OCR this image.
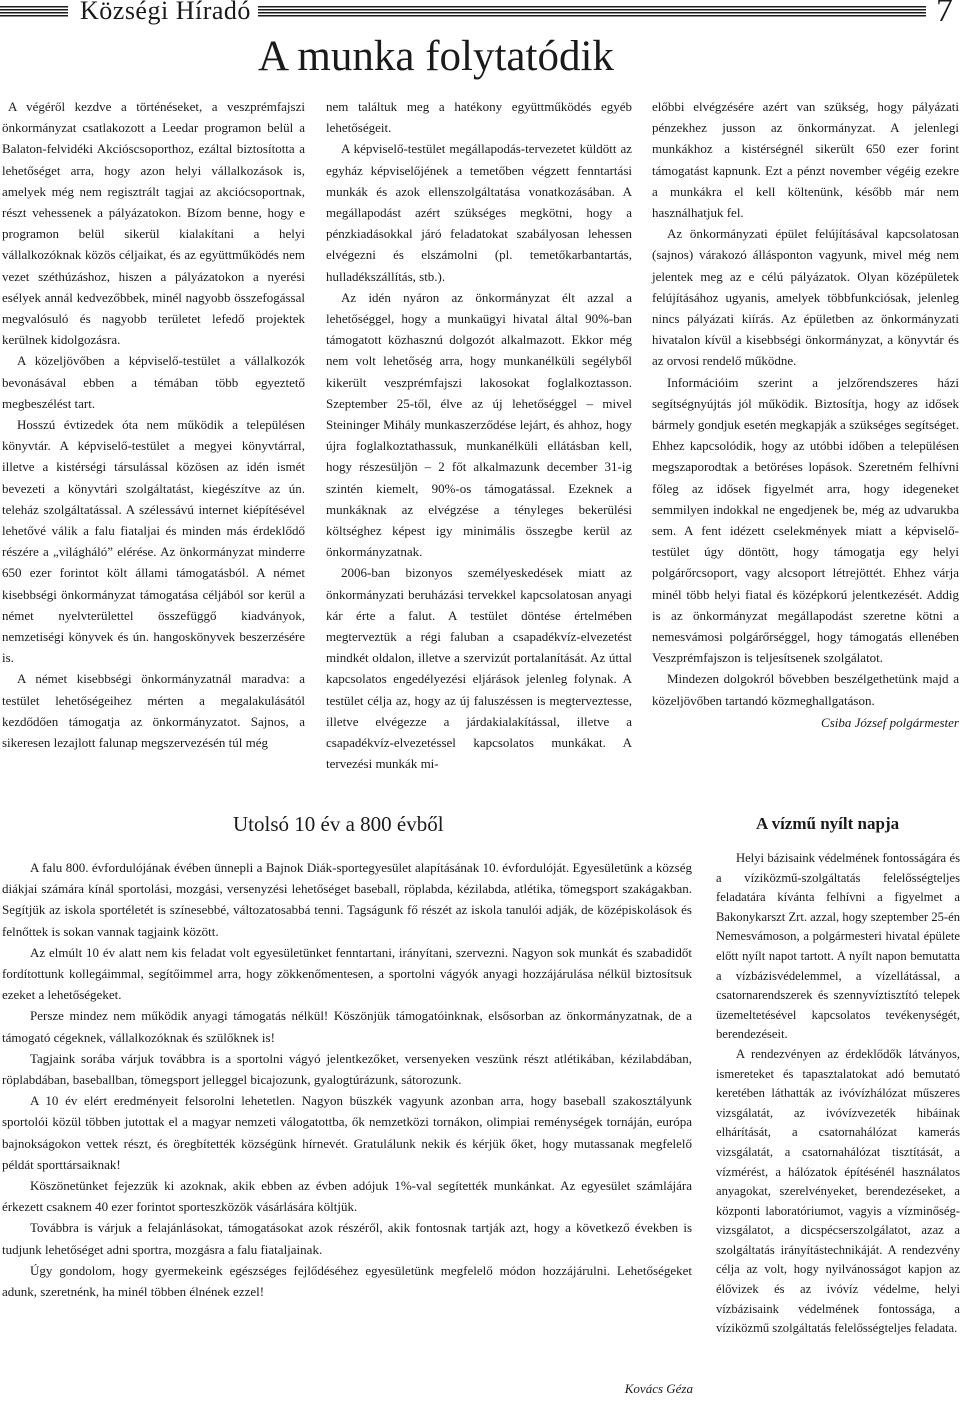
Községi Híradó	7
A munka folytatódik

A végéről kezdve a történéseket, a veszprémfajszi önkormányzat csatlakozott a Leedar programon belül a Balaton-felvidéki Akcióscsoporthoz, ezáltal biztosította a lehetőséget arra, hogy azon helyi vállalkozások is, amelyek még nem regisztrált tagjai az akciócsoportnak, részt vehessenek a pályázatokon. Bízom benne, hogy e programon belül sikerül kialakítani a helyi vállalkozóknak közös céljaikat, és az együttműködés nem vezet széthúzáshoz, hiszen a pályázatokon a nyerési esélyek annál kedvezőbbek, minél nagyobb összefogással megvalósuló és nagyobb területet lefedő projektek kerülnek kidolgozásra.

A közeljövőben a képviselő-testület a vállalkozók bevonásával ebben a témában több egyeztető megbeszélést tart.

Hosszú évtizedek óta nem működik a településen könyvtár. A képviselő-testület a megyei könyvtárral, illetve a kistérségi társulással közösen az idén ismét bevezeti a könyvtári szolgáltatást, kiegészítve az ún. teleház szolgáltatással. A szélessávú internet kiépítésével lehetővé válik a falu fiataljai és minden más érdeklődő részére a „világháló” elérése. Az önkormányzat minderre 650 ezer forintot költ állami támogatásból. A német kisebbségi önkormányzat támogatása céljából sor kerül a német nyelvterülettel összefüggő kiadványok, nemzetiségi könyvek és ún. hangoskönyvek beszerzésére is.

A német kisebbségi önkormányzatnál maradva: a testület lehetőségeihez mérten a megalakulásától kezdődően támogatja az önkormányzatot. Sajnos, a sikeresen lezajlott falunap megszervezésén túl még

nem találtuk meg a hatékony együttműködés egyéb lehetőségeit.

A képviselő-testület megállapodás-tervezetet küldött az egyház képviselőjének a temetőben végzett fenntartási munkák és azok ellenszolgáltatása vonatkozásában. A megállapodást azért szükséges megkötni, hogy a pénzkiadásokkal járó feladatokat szabályosan lehessen elvégezni és elszámolni (pl. temetőkarbantartás, hulladékszállítás, stb.).

Az idén nyáron az önkormányzat élt azzal a lehetőséggel, hogy a munkaügyi hivatal által 90%-ban támogatott közhasznú dolgozót alkalmazott. Ekkor még nem volt lehetőség arra, hogy munkanélküli segélyből kikerült veszprémfajszi lakosokat foglalkoztasson. Szeptember 25-től, élve az új lehetőséggel – mivel Steininger Mihály munkaszerződése lejárt, és ahhoz, hogy újra foglalkoztathassuk, munkanélküli ellátásban kell, hogy részesüljön – 2 főt alkalmazunk december 31-ig szintén kiemelt, 90%-os támogatással. Ezeknek a munkáknak az elvégzése a tényleges bekerülési költséghez képest igy minimális összegbe kerül az önkormányzatnak.

2006-ban bizonyos személyeskedések miatt az önkormányzati beruházási tervekkel kapcsolatosan anyagi kár érte a falut. A testület döntése értelmében megterveztük a régi faluban a csapadékvíz-elvezetést mindkét oldalon, illetve a szervizút portalanítását. Az úttal kapcsolatos engedélyezési eljárások jelenleg folynak. A testület célja az, hogy az új faluszéssen is megterveztesse, illetve elvégezze a járdakialakítással, illetve a csapadékvíz-elvezetéssel kapcsolatos munkákat. A tervezési munkák mi-

előbbi elvégzésére azért van szükség, hogy pályázati pénzekhez jusson az önkormányzat. A jelenlegi munkákhoz a kistérségnél sikerült 650 ezer forint támogatást kapnunk. Ezt a pénzt november végéig ezekre a munkákra el kell költenünk, később már nem használhatjuk fel.

Az önkormányzati épület felújításával kapcsolatosan (sajnos) várakozó állásponton vagyunk, mivel még nem jelentek meg az e célú pályázatok. Olyan középületek felújításához ugyanis, amelyek többfunkciósak, jelenleg nincs pályázati kiírás. Az épületben az önkormányzati hivatalon kívül a kisebbségi önkormányzat, a könyvtár és az orvosi rendelő működne.

Információim szerint a jelzőrendszeres házi segítségnyújtás jól működik. Biztosítja, hogy az idősek bármely gondjuk esetén megkapják a szükséges segítséget. Ehhez kapcsolódik, hogy az utóbbi időben a településen megszaporodtak a betöréses lopások. Szeretném felhívni főleg az idősek figyelmét arra, hogy idegeneket semmilyen indokkal ne engedjenek be, még az udvarukba sem. A fent idézett cselekmények miatt a képviselő-testület úgy döntött, hogy támogatja egy helyi polgárőrcsoport, vagy alcsoport létrejöttét. Ehhez várja minél több helyi fiatal és középkorú jelentkezését. Addig is az önkormányzat megállapodást szeretne kötni a nemesvámosi polgárőrséggel, hogy támogatás ellenében Veszprémfajszon is teljesítsenek szolgálatot.

Mindezen dolgokról bővebben beszélgethetünk majd a közeljövőben tartandó közmeghallgatáson.

Csiba József polgármester
Utolsó 10 év a 800 évből	A vízmű nyílt napja

A falu 800. évfordulójának évében ünnepli a Bajnok Diák-sportegyesület alapításának 10. évfordulóját. Egyesületünk a község diákjai számára kínál sportolási, mozgási, versenyzési lehetőséget baseball, röplabda, kézilabda, atlétika, tömegsport szakágakban. Segítjük az iskola sportéletét is színesebbé, változatosabbá tenni. Tagságunk fő részét az iskola tanulói adják, de középiskolások és felnőttek is sokan vannak tagjaink között.

Az elmúlt 10 év alatt nem kis feladat volt egyesületünket fenntartani, irányítani, szervezni. Nagyon sok munkát és szabadidőt fordítottunk kollegáimmal, segítőimmel arra, hogy zökkenőmentesen, a sportolni vágyók anyagi hozzájárulása nélkül biztosítsuk ezeket a lehetőségeket.

Persze mindez nem működik anyagi támogatás nélkül! Köszönjük támogatóinknak, elsősorban az önkormányzatnak, de a támogató cégeknek, vállalkozóknak és szülőknek is!

Tagjaink sorába várjuk továbbra is a sportolni vágyó jelentkezőket, versenyeken veszünk részt atlétikában, kézilabdában, röplabdában, baseballban, tömegsport jelleggel bicajozunk, gyalogtúrázunk, sátorozunk.

A 10 év elért eredményeit felsorolni lehetetlen. Nagyon büszkék vagyunk azonban arra, hogy baseball szakosztályunk sportolói közül többen jutottak el a magyar nemzeti válogatottba, ők nemzetközi tornákon, olimpiai reménységek tornáján, európa bajnokságokon vettek részt, és öregbítették községünk hírnevét. Gratulálunk nekik és kérjük őket, hogy mutassanak megfelelő példát sporttársaiknak!

Köszönetünket fejezzük ki azoknak, akik ebben az évben adójuk 1%-val segítették munkánkat. Az egyesület számlájára érkezett csaknem 40 ezer forintot sporteszközök vásárlására költjük.

Továbbra is várjuk a felajánlásokat, támogatásokat azok részéről, akik fontosnak tartják azt, hogy a következő években is tudjunk lehetőséget adni sportra, mozgásra a falu fiataljainak.

Úgy gondolom, hogy gyermekeink egészséges fejlődéséhez egyesületünk megfelelő módon hozzájárulni. Lehetőségeket adunk, szeretnénk, ha minél többen élnének ezzel!

Kovács Géza

Helyi bázisaink védelmének fontosságára és a víziközmű-szolgáltatás felelősségteljes feladatára kívánta felhívni a figyelmet a Bakonykarszt Zrt. azzal, hogy szeptember 25-én Nemesvámoson, a polgármesteri hivatal épülete előtt nyílt napot tartott. A nyílt napon bemutatta a vízbázisvédelemmel, a vízellátással, a csatornarendszerek és szennyvíztisztító telepek üzemeltetésével kapcsolatos tevékenységét, berendezéseit.

A rendezvényen az érdeklődők látványos, ismereteket és tapasztalatokat adó bemutató keretében láthatták az ivóvízhálózat műszeres vizsgálatát, az ivóvízvezeték hibáinak elhárítását, a csatornahálózat kamerás vizsgálatát, a csatornahálózat tisztítását, a vízmérést, a hálózatok építésénél használatos anyagokat, szerelvényeket, berendezéseket, a központi laboratóriumot, vagyis a vízminőség-vizsgálatot, a dicspécserszolgálatot, azaz a szolgáltatás irányítástechnikáját. A rendezvény célja az volt, hogy nyilvánosságot kapjon az élővizek és az ivóvíz védelme, helyi vízbázisaink védelmének fontossága, a víziközmű szolgáltatás felelősségteljes feladata.
